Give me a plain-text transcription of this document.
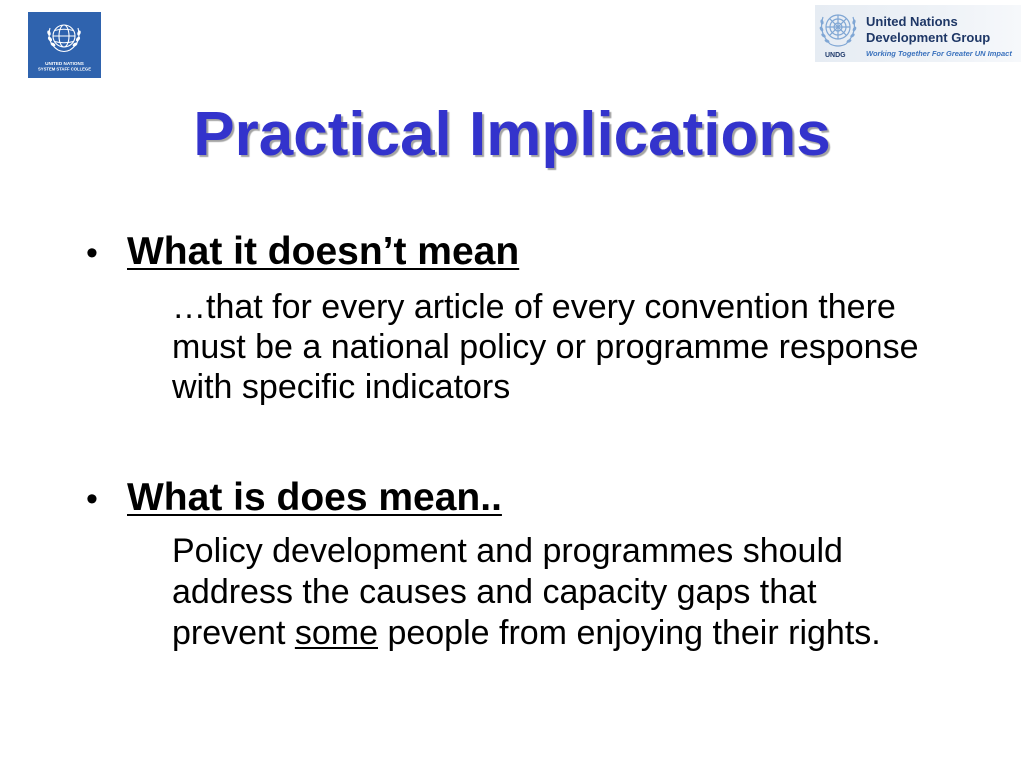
UNITED NATIONS
SYSTEM STAFF COLLEGE
UNDG
United Nations
Development Group
Working Together For Greater UN Impact
Practical Implications
• What it doesn’t mean
…that for every article of every convention there
must be a national policy or programme response
with specific indicators
• What is does mean..
Policy development and programmes should
address the causes and capacity gaps that
prevent some people from enjoying their rights.
